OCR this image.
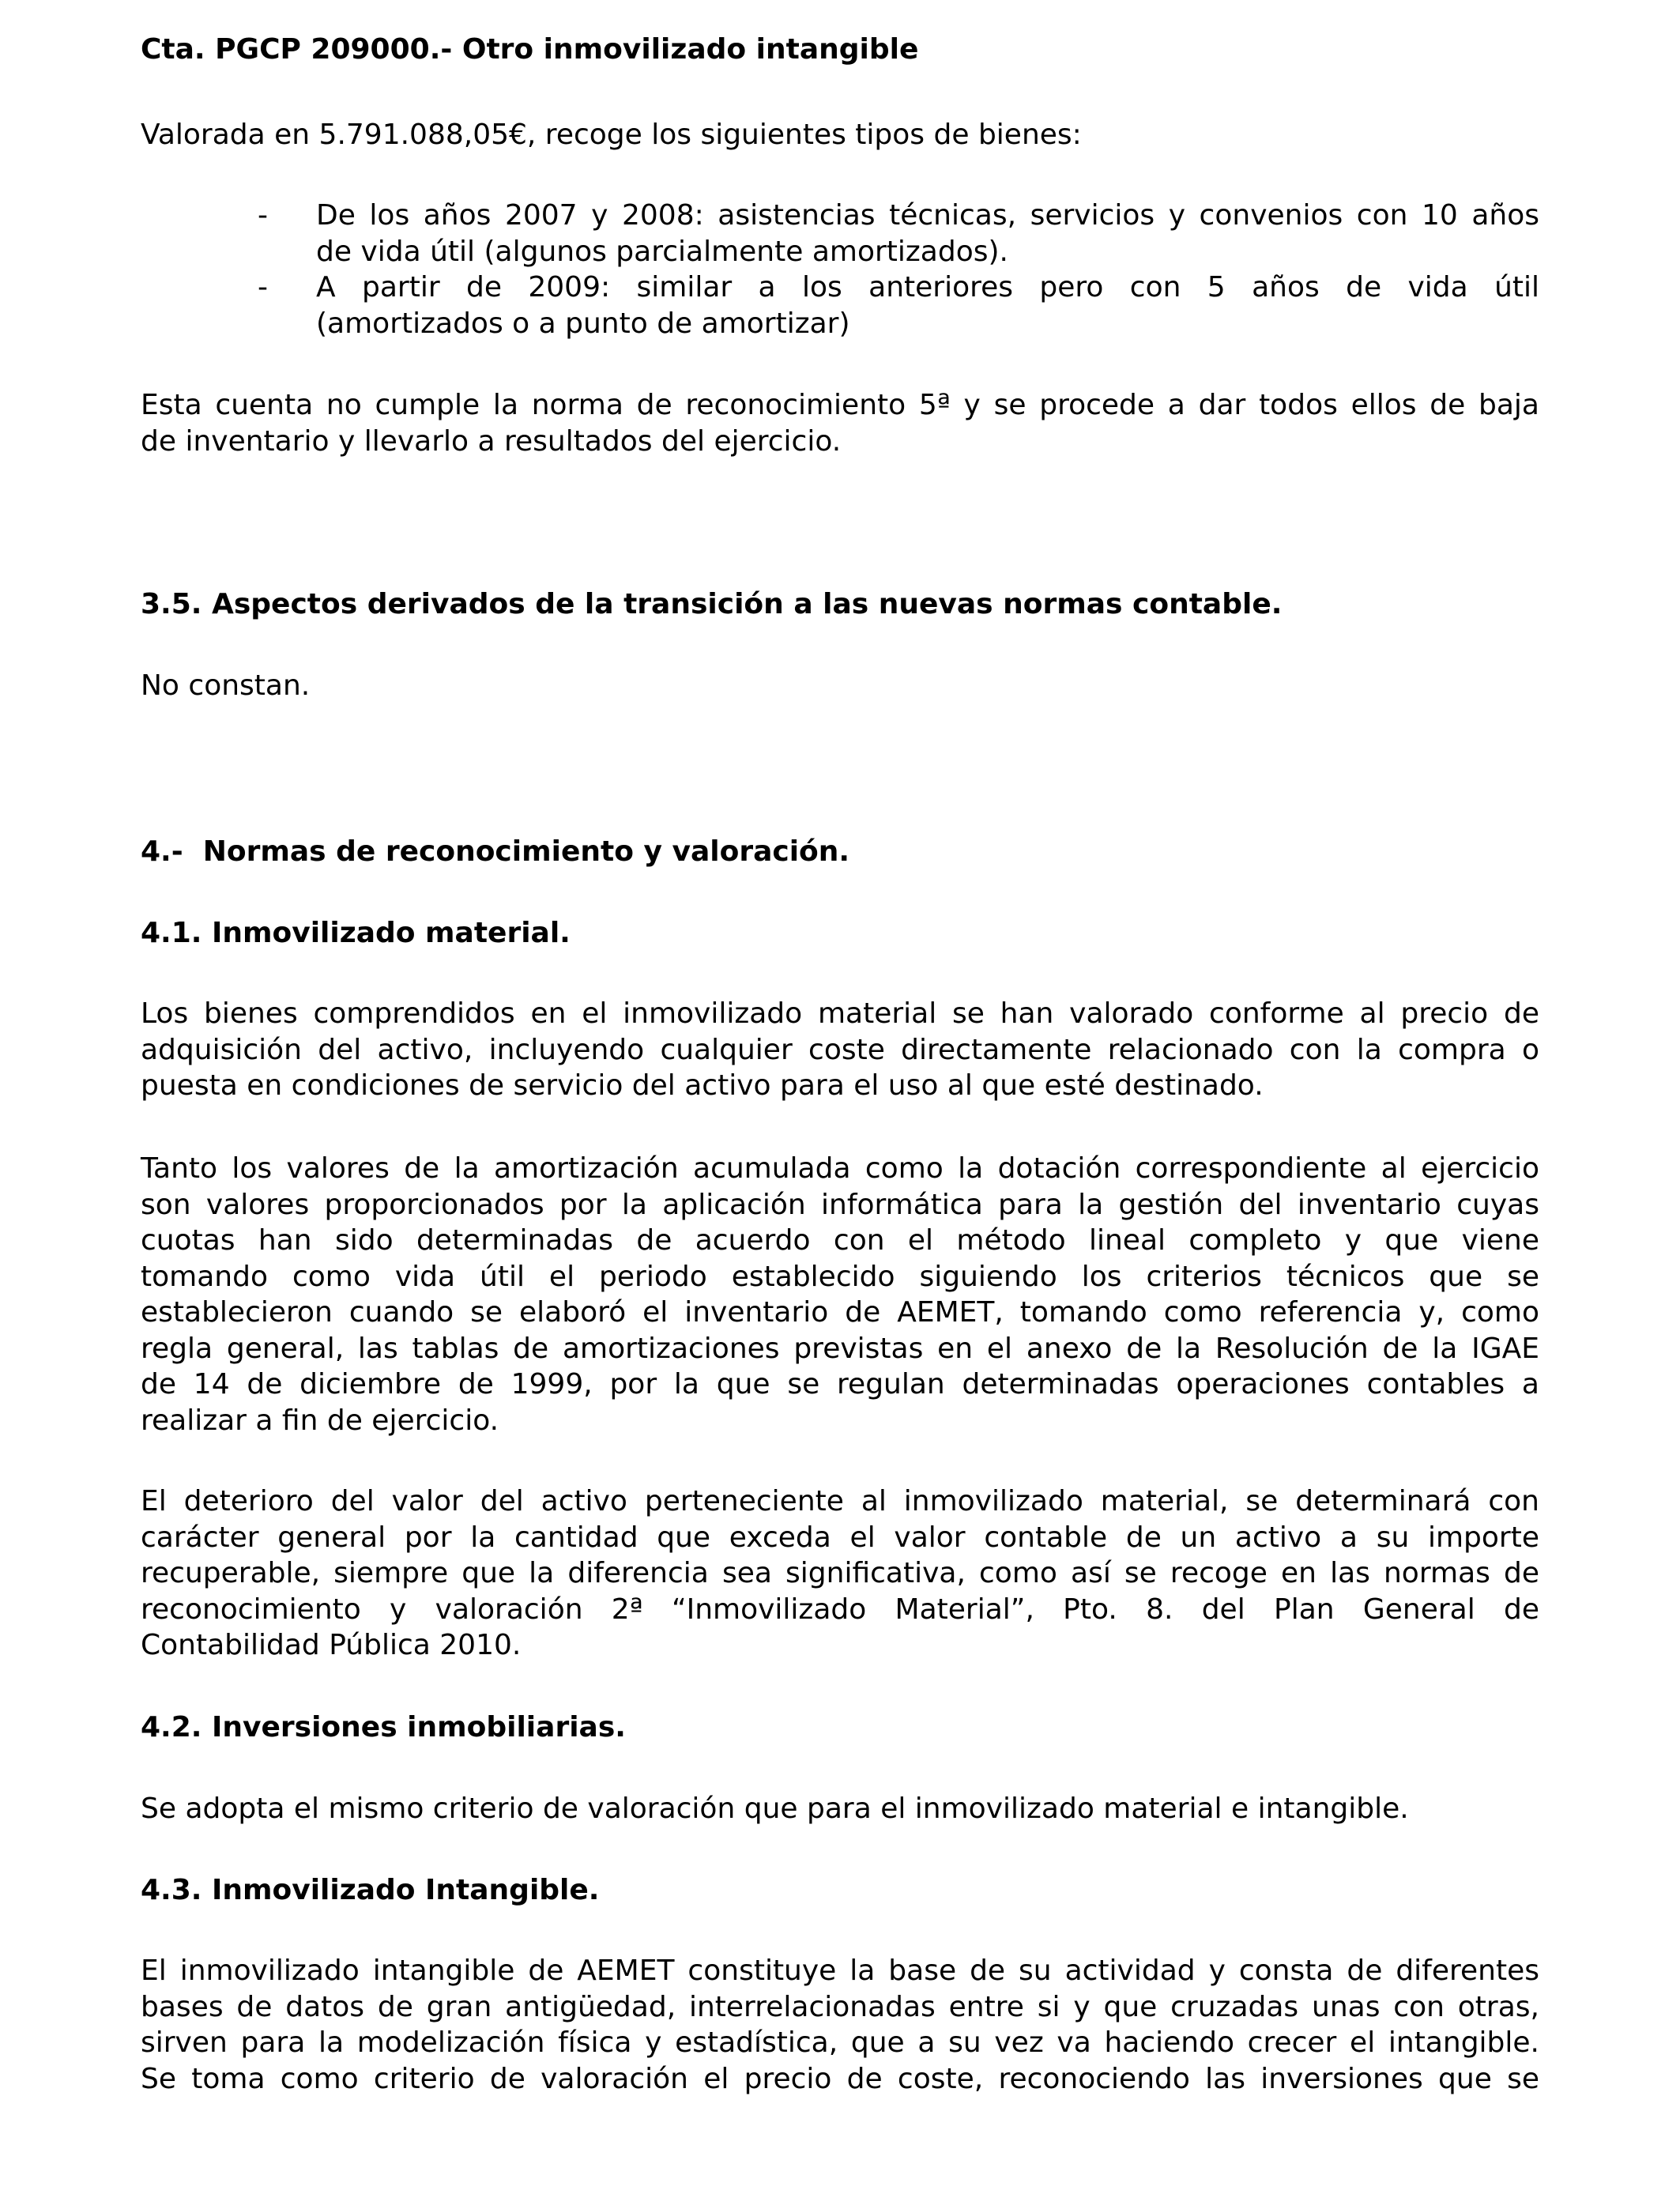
Cta. PGCP 209000.- Otro inmovilizado intangible
Valorada en 5.791.088,05€, recoge los siguientes tipos de bienes:
- De los años 2007 y 2008: asistencias técnicas, servicios y convenios con 10 años
de vida útil (algunos parcialmente amortizados).
- A partir de 2009: similar a los anteriores pero con 5 años de vida útil
(amortizados o a punto de amortizar)
Esta cuenta no cumple la norma de reconocimiento 5ª y se procede a dar todos ellos de baja
de inventario y llevarlo a resultados del ejercicio.
3.5. Aspectos derivados de la transición a las nuevas normas contable.
No constan.
4.-  Normas de reconocimiento y valoración.
4.1. Inmovilizado material.
Los bienes comprendidos en el inmovilizado material se han valorado conforme al precio de
adquisición del activo, incluyendo cualquier coste directamente relacionado con la compra o
puesta en condiciones de servicio del activo para el uso al que esté destinado.
Tanto los valores de la amortización acumulada como la dotación correspondiente al ejercicio
son valores proporcionados por la aplicación informática para la gestión del inventario cuyas
cuotas han sido determinadas de acuerdo con el método lineal completo y que viene
tomando como vida útil el periodo establecido siguiendo los criterios técnicos que se
establecieron cuando se elaboró el inventario de AEMET, tomando como referencia y, como
regla general, las tablas de amortizaciones previstas en el anexo de la Resolución de la IGAE
de 14 de diciembre de 1999, por la que se regulan determinadas operaciones contables a
realizar a fin de ejercicio.
El deterioro del valor del activo perteneciente al inmovilizado material, se determinará con
carácter general por la cantidad que exceda el valor contable de un activo a su importe
recuperable, siempre que la diferencia sea significativa, como así se recoge en las normas de
reconocimiento y valoración 2ª “Inmovilizado Material”, Pto. 8. del Plan General de
Contabilidad Pública 2010.
4.2. Inversiones inmobiliarias.
Se adopta el mismo criterio de valoración que para el inmovilizado material e intangible.
4.3. Inmovilizado Intangible.
El inmovilizado intangible de AEMET constituye la base de su actividad y consta de diferentes
bases de datos de gran antigüedad, interrelacionadas entre si y que cruzadas unas con otras,
sirven para la modelización física y estadística, que a su vez va haciendo crecer el intangible.
Se toma como criterio de valoración el precio de coste, reconociendo las inversiones que se
